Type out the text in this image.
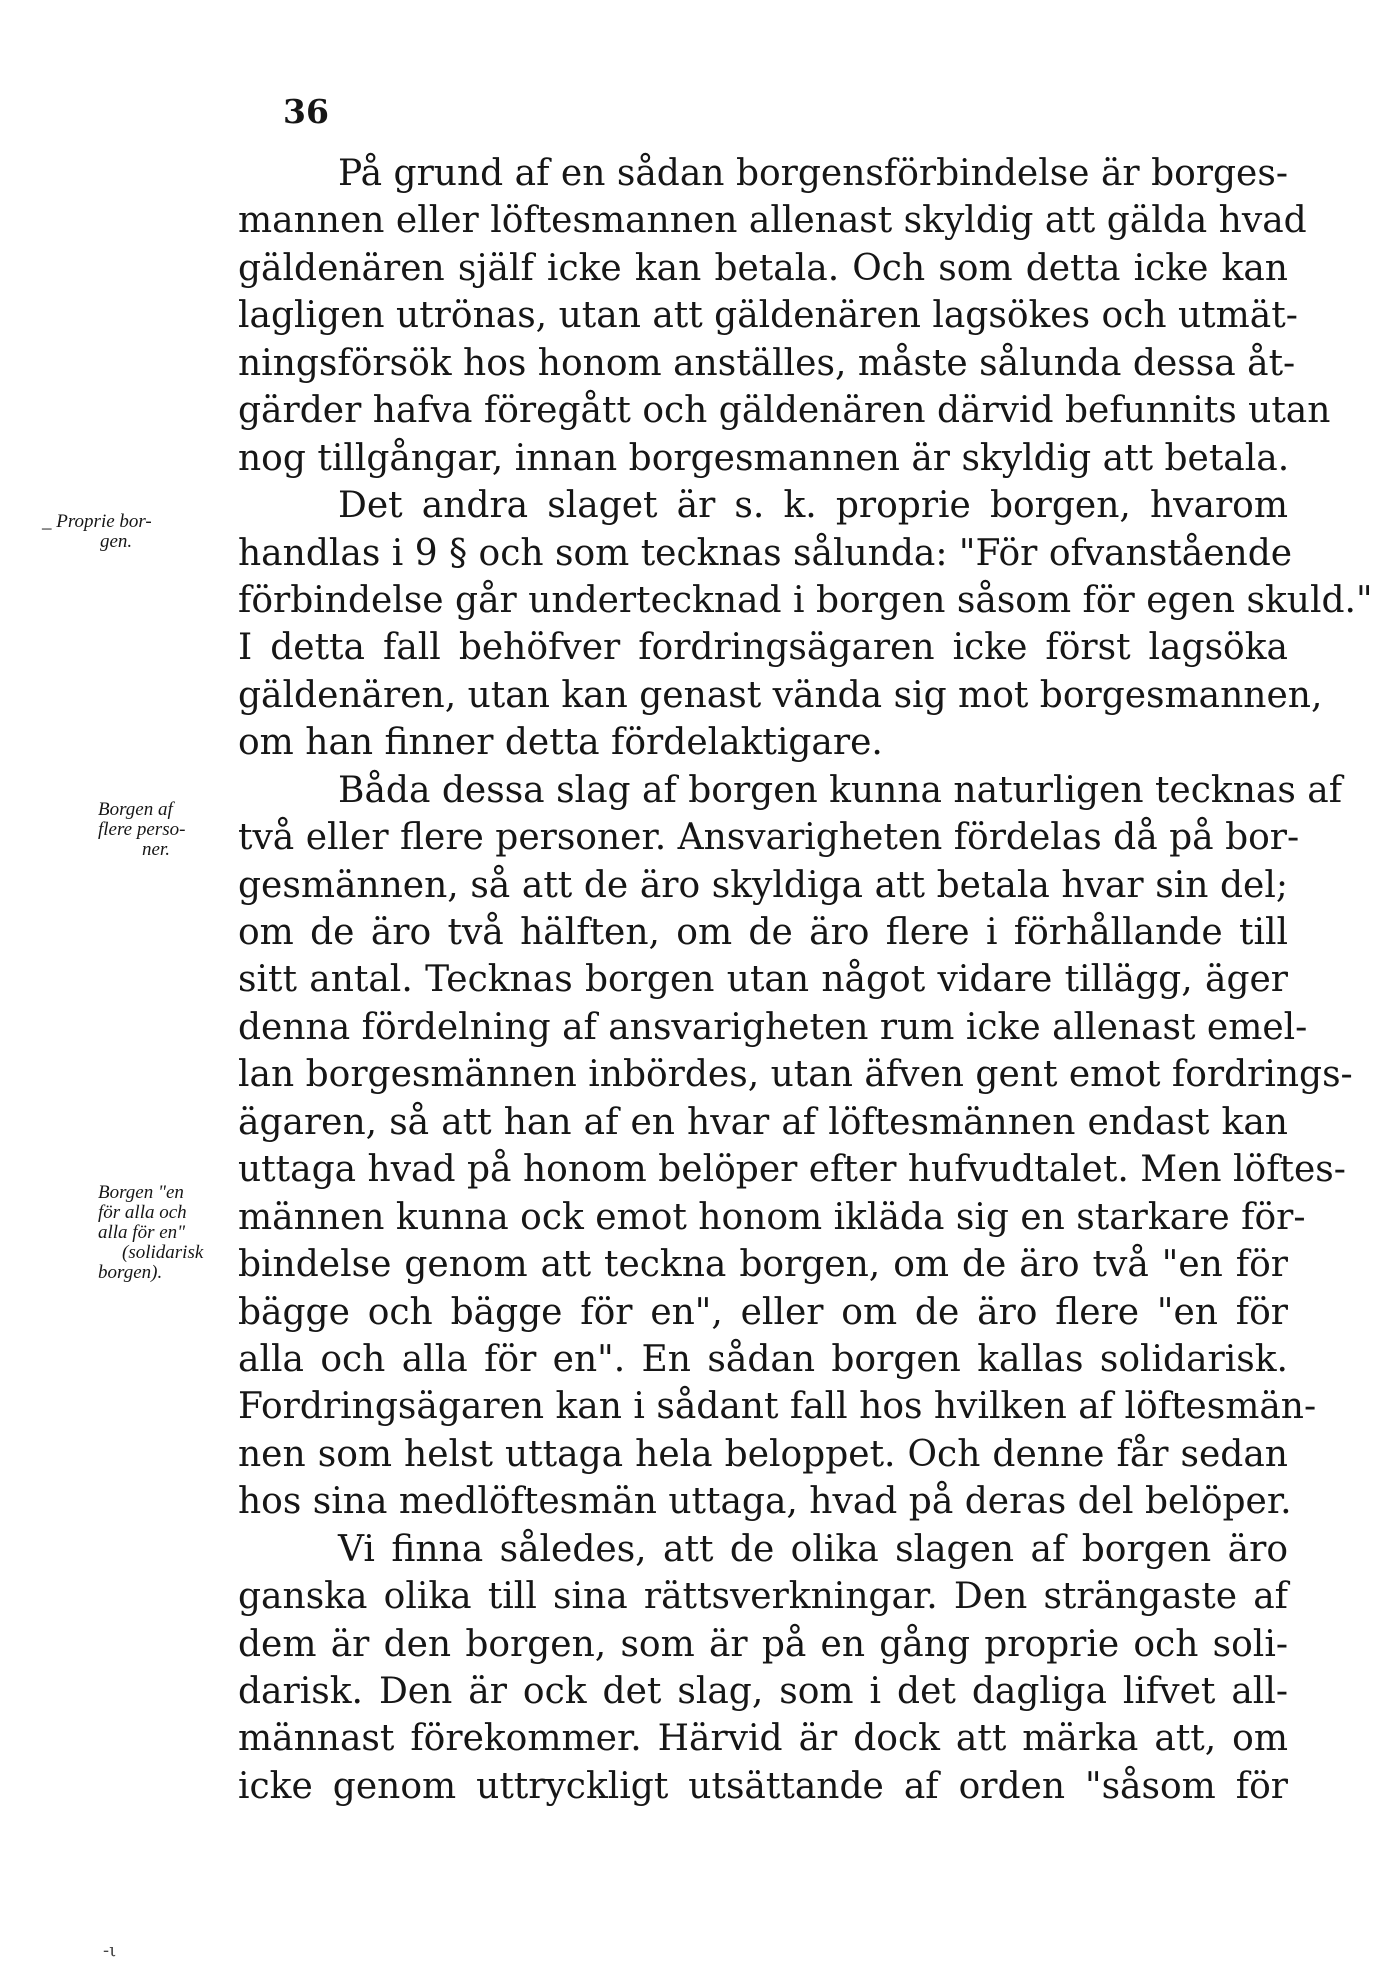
36
På grund af en sådan borgensförbindelse är borges-
mannen eller löftesmannen allenast skyldig att gälda hvad
gäldenären själf icke kan betala. Och som detta icke kan
lagligen utrönas, utan att gäldenären lagsökes och utmät-
ningsförsök hos honom anställes, måste sålunda dessa åt-
gärder hafva föregått och gäldenären därvid befunnits utan
nog tillgångar, innan borgesmannen är skyldig att betala.
Det andra slaget är s. k. proprie borgen, hvarom
handlas i 9 § och som tecknas sålunda: "För ofvanstående
förbindelse går undertecknad i borgen såsom för egen skuld."
I detta fall behöfver fordringsägaren icke först lagsöka
gäldenären, utan kan genast vända sig mot borgesmannen,
om han finner detta fördelaktigare.
Båda dessa slag af borgen kunna naturligen tecknas af
två eller flere personer. Ansvarigheten fördelas då på bor-
gesmännen, så att de äro skyldiga att betala hvar sin del;
om de äro två hälften, om de äro flere i förhållande till
sitt antal. Tecknas borgen utan något vidare tillägg, äger
denna fördelning af ansvarigheten rum icke allenast emel-
lan borgesmännen inbördes, utan äfven gent emot fordrings-
ägaren, så att han af en hvar af löftesmännen endast kan
uttaga hvad på honom belöper efter hufvudtalet. Men löftes-
männen kunna ock emot honom ikläda sig en starkare för-
bindelse genom att teckna borgen, om de äro två "en för
bägge och bägge för en", eller om de äro flere "en för
alla och alla för en". En sådan borgen kallas solidarisk.
Fordringsägaren kan i sådant fall hos hvilken af löftesmän-
nen som helst uttaga hela beloppet. Och denne får sedan
hos sina medlöftesmän uttaga, hvad på deras del belöper.
Vi finna således, att de olika slagen af borgen äro
ganska olika till sina rättsverkningar. Den strängaste af
dem är den borgen, som är på en gång proprie och soli-
darisk. Den är ock det slag, som i det dagliga lifvet all-
männast förekommer. Härvid är dock att märka att, om
icke genom uttryckligt utsättande af orden "såsom för
_ Proprie bor-
gen.
Borgen af
flere perso-
ner.
Borgen "en
för alla och
alla för en"
(solidarisk
borgen).
-ι
